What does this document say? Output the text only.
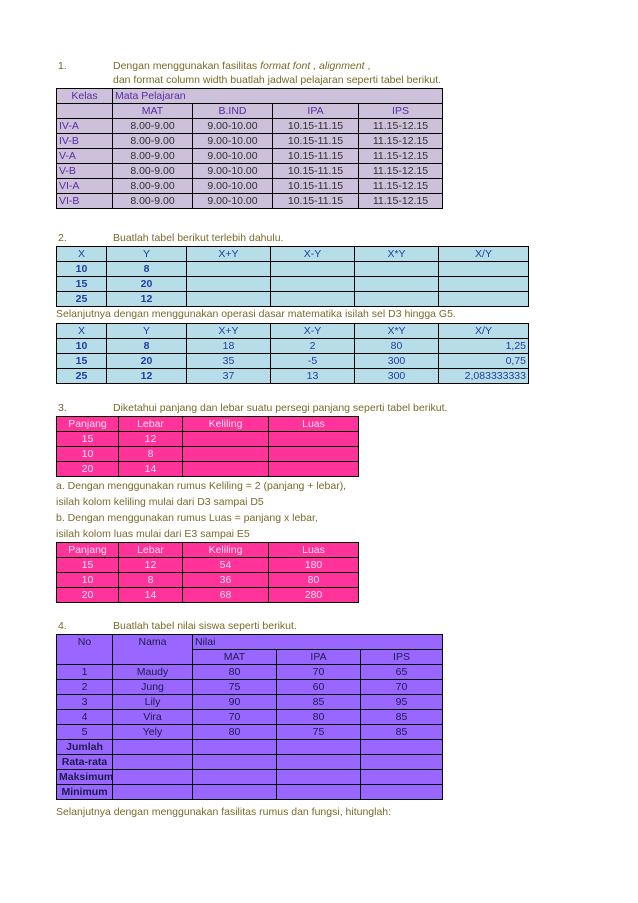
1.	Dengan menggunakan fasilitas format font , alignment ,
dan format column width buatlah jadwal pelajaran seperti tabel berikut.
Kelas	Mata Pelajaran			
	MAT	B.IND	IPA	IPS
IV-A	8.00-9.00	9.00-10.00	10.15-11.15	11.15-12.15
IV-B	8.00-9.00	9.00-10.00	10.15-11.15	11.15-12.15
V-A	8.00-9.00	9.00-10.00	10.15-11.15	11.15-12.15
V-B	8.00-9.00	9.00-10.00	10.15-11.15	11.15-12.15
VI-A	8.00-9.00	9.00-10.00	10.15-11.15	11.15-12.15
VI-B	8.00-9.00	9.00-10.00	10.15-11.15	11.15-12.15
2.	Buatlah tabel berikut terlebih dahulu.
X	Y	X+Y	X-Y	X*Y	X/Y
10	8				
15	20				
25	12				
Selanjutnya dengan menggunakan operasi dasar matematika isilah sel D3 hingga G5.
X	Y	X+Y	X-Y	X*Y	X/Y
10	8	18	2	80	1,25
15	20	35	-5	300	0,75
25	12	37	13	300	2,083333333
3.	Diketahui panjang dan lebar suatu persegi panjang seperti tabel berikut.
Panjang	Lebar	Keliling	Luas
15	12		
10	8		
20	14		
a. Dengan menggunakan rumus Keliling = 2 (panjang + lebar),
isilah kolom keliling mulai dari D3 sampai D5
b. Dengan menggunakan rumus Luas = panjang x lebar,
isilah kolom luas mulai dari E3 sampai E5
Panjang	Lebar	Keliling	Luas
15	12	54	180
10	8	36	80
20	14	68	280
4.	Buatlah tabel nilai siswa seperti berikut.
No	Nama	Nilai		
		MAT	IPA	IPS
1	Maudy	80	70	65
2	Jung	75	60	70
3	Lily	90	85	95
4	Vira	70	80	85
5	Yely	80	75	85
Jumlah				
Rata-rata				
Maksimum				
Minimum				
Selanjutnya dengan menggunakan fasilitas rumus dan fungsi, hitunglah:
